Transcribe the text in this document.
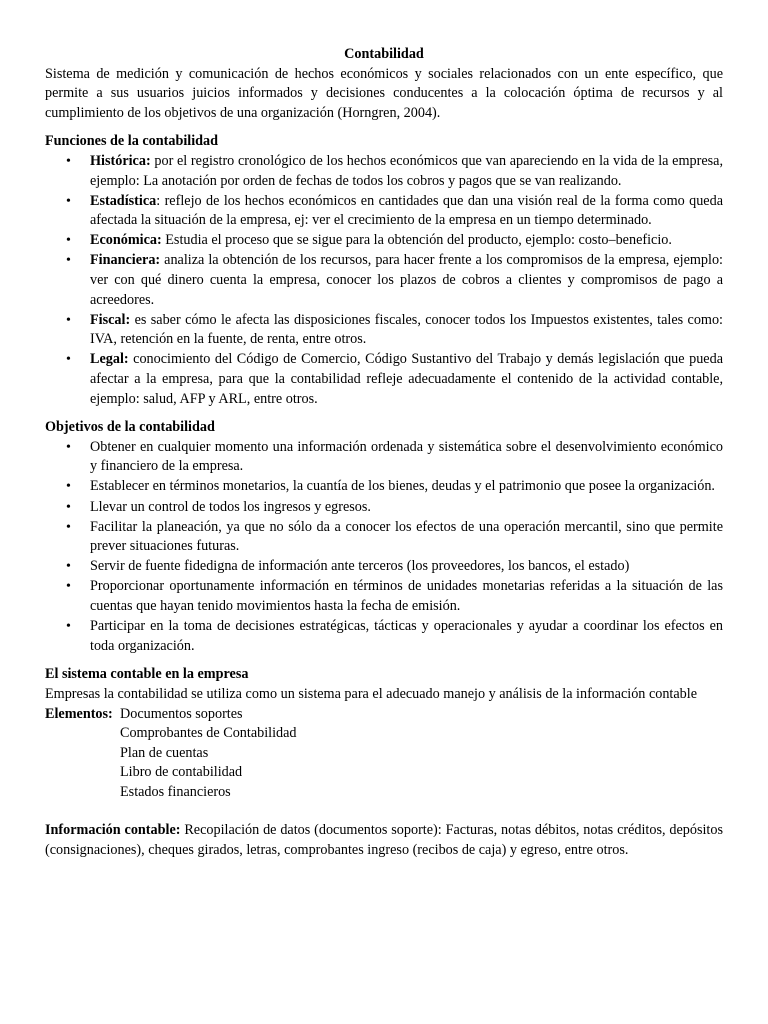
Contabilidad

Sistema de medición y comunicación de hechos económicos y sociales relacionados con un ente específico, que permite a sus usuarios juicios informados y decisiones conducentes a la colocación óptima de recursos y al cumplimiento de los objetivos de una organización (Horngren, 2004).

Funciones de la contabilidad

• Histórica: por el registro cronológico de los hechos económicos que van apareciendo en la vida de la empresa, ejemplo: La anotación por orden de fechas de todos los cobros y pagos que se van realizando.
• Estadística: reflejo de los hechos económicos en cantidades que dan una visión real de la forma como queda afectada la situación de la empresa, ej: ver el crecimiento de la empresa en un tiempo determinado.
• Económica: Estudia el proceso que se sigue para la obtención del producto, ejemplo: costo–beneficio.
• Financiera: analiza la obtención de los recursos, para hacer frente a los compromisos de la empresa, ejemplo: ver con qué dinero cuenta la empresa, conocer los plazos de cobros a clientes y compromisos de pago a acreedores.
• Fiscal: es saber cómo le afecta las disposiciones fiscales, conocer todos los Impuestos existentes, tales como: IVA, retención en la fuente, de renta, entre otros.
• Legal: conocimiento del Código de Comercio, Código Sustantivo del Trabajo y demás legislación que pueda afectar a la empresa, para que la contabilidad refleje adecuadamente el contenido de la actividad contable, ejemplo: salud, AFP y ARL, entre otros.

Objetivos de la contabilidad

• Obtener en cualquier momento una información ordenada y sistemática sobre el desenvolvimiento económico y financiero de la empresa.
• Establecer en términos monetarios, la cuantía de los bienes, deudas y el patrimonio que posee la organización.
• Llevar un control de todos los ingresos y egresos.
• Facilitar la planeación, ya que no sólo da a conocer los efectos de una operación mercantil, sino que permite prever situaciones futuras.
• Servir de fuente fidedigna de información ante terceros (los proveedores, los bancos, el estado)
• Proporcionar oportunamente información en términos de unidades monetarias referidas a la situación de las cuentas que hayan tenido movimientos hasta la fecha de emisión.
• Participar en la toma de decisiones estratégicas, tácticas y operacionales y ayudar a coordinar los efectos en toda organización.

El sistema contable en la empresa

Empresas la contabilidad se utiliza como un sistema para el adecuado manejo y análisis de la información contable

Elementos: Documentos soportes
Comprobantes de Contabilidad
Plan de cuentas
Libro de contabilidad
Estados financieros

Información contable: Recopilación de datos (documentos soporte): Facturas, notas débitos, notas créditos, depósitos (consignaciones), cheques girados, letras, comprobantes ingreso (recibos de caja) y egreso, entre otros.
